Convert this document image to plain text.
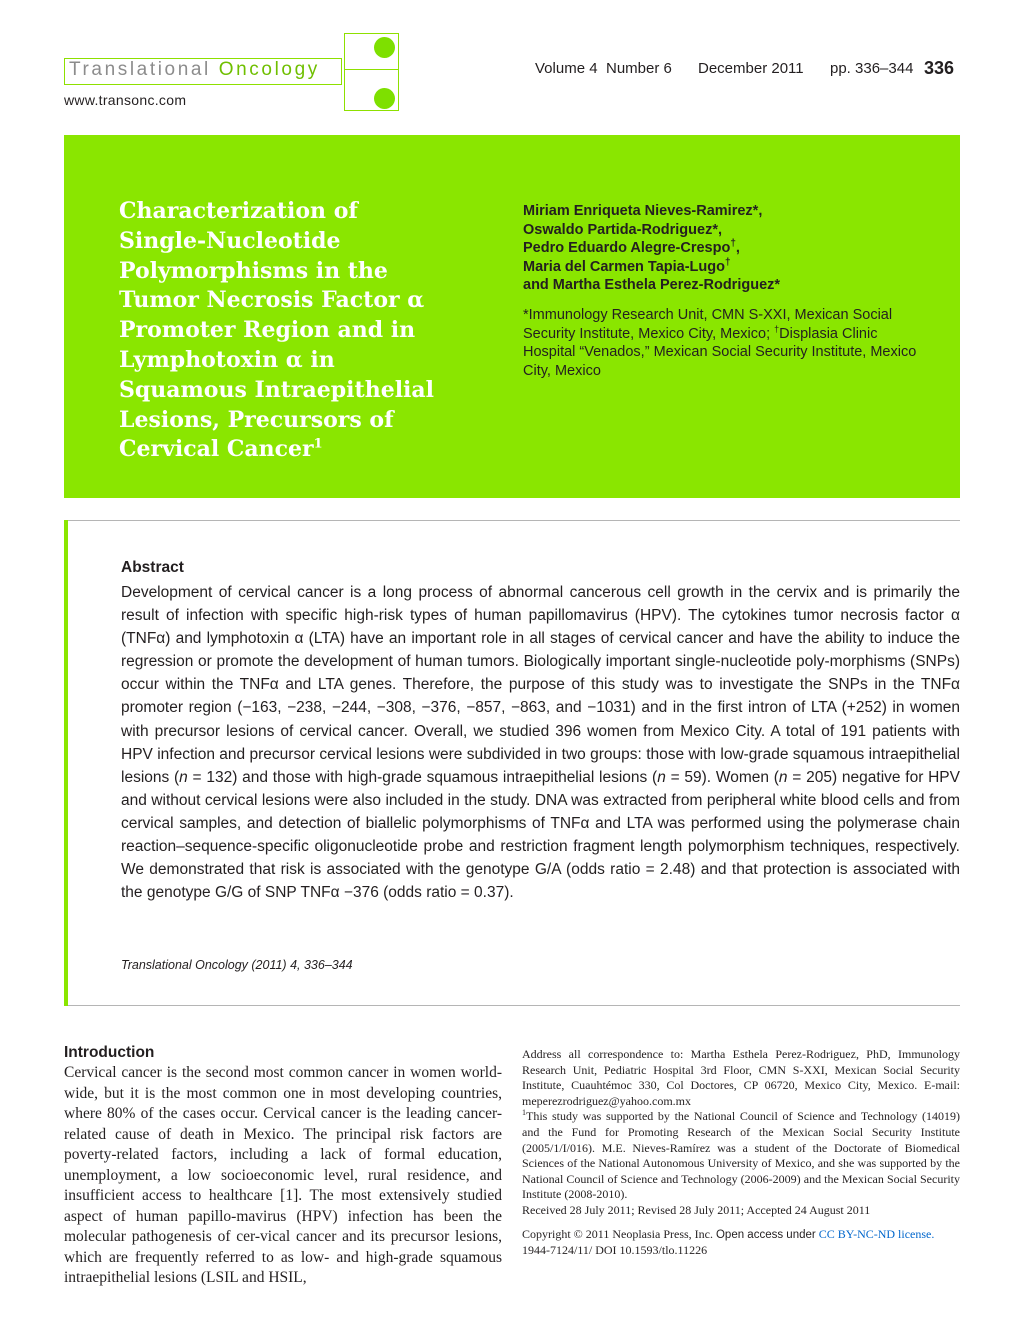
Translational Oncology
www.transonc.com
Volume 4 Number 6 December 2011 pp. 336–344 336
Characterization of Single-Nucleotide Polymorphisms in the Tumor Necrosis Factor α Promoter Region and in Lymphotoxin α in Squamous Intraepithelial Lesions, Precursors of Cervical Cancer$^1$
Miriam Enriqueta Nieves-Ramirez*,
Oswaldo Partida-Rodriguez*,
Pedro Eduardo Alegre-Crespo†,
Maria del Carmen Tapia-Lugo†
and Martha Esthela Perez-Rodriguez*
*Immunology Research Unit, CMN S-XXI, Mexican Social Security Institute, Mexico City, Mexico; †Displasia Clinic Hospital “Venados,” Mexican Social Security Institute, Mexico City, Mexico
Abstract
Development of cervical cancer is a long process of abnormal cancerous cell growth in the cervix and is primarily the result of infection with specific high-risk types of human papillomavirus (HPV). The cytokines tumor necrosis factor α (TNFα) and lymphotoxin α (LTA) have an important role in all stages of cervical cancer and have the ability to induce the regression or promote the development of human tumors. Biologically important single-nucleotide poly-morphisms (SNPs) occur within the TNFα and LTA genes. Therefore, the purpose of this study was to investigate the SNPs in the TNFα promoter region (−163, −238, −244, −308, −376, −857, −863, and −1031) and in the first intron of LTA (+252) in women with precursor lesions of cervical cancer. Overall, we studied 396 women from Mexico City. A total of 191 patients with HPV infection and precursor cervical lesions were subdivided in two groups: those with low-grade squamous intraepithelial lesions (n = 132) and those with high-grade squamous intraepithelial lesions (n = 59). Women (n = 205) negative for HPV and without cervical lesions were also included in the study. DNA was extracted from peripheral white blood cells and from cervical samples, and detection of biallelic polymorphisms of TNFα and LTA was performed using the polymerase chain reaction–sequence-specific oligonucleotide probe and restriction fragment length polymorphism techniques, respectively. We demonstrated that risk is associated with the genotype G/A (odds ratio = 2.48) and that protection is associated with the genotype G/G of SNP TNFα −376 (odds ratio = 0.37).
Translational Oncology (2011) 4, 336–344
Introduction
Cervical cancer is the second most common cancer in women world-wide, but it is the most common one in most developing countries, where 80% of the cases occur. Cervical cancer is the leading cancer-related cause of death in Mexico. The principal risk factors are poverty-related factors, including a lack of formal education, unemployment, a low socioeconomic level, rural residence, and insufficient access to healthcare [1]. The most extensively studied aspect of human papillo-mavirus (HPV) infection has been the molecular pathogenesis of cer-vical cancer and its precursor lesions, which are frequently referred to as low- and high-grade squamous intraepithelial lesions (LSIL and HSIL,

Address all correspondence to: Martha Esthela Perez-Rodriguez, PhD, Immunology Research Unit, Pediatric Hospital 3rd Floor, CMN S-XXI, Mexican Social Security Institute, Cuauhtémoc 330, Col Doctores, CP 06720, Mexico City, Mexico. E-mail: meperezrodriguez@yahoo.com.mx

$^1$This study was supported by the National Council of Science and Technology (14019) and the Fund for Promoting Research of the Mexican Social Security Institute (2005/1/I/016). M.E. Nieves-Ramírez was a student of the Doctorate of Biomedical Sciences of the National Autonomous University of Mexico, and she was supported by the National Council of Science and Technology (2006-2009) and the Mexican Social Security Institute (2008-2010).

Received 28 July 2011; Revised 28 July 2011; Accepted 24 August 2011

Copyright © 2011 Neoplasia Press, Inc. Open access under CC BY-NC-ND license.

1944-7124/11/ DOI 10.1593/tlo.11226
